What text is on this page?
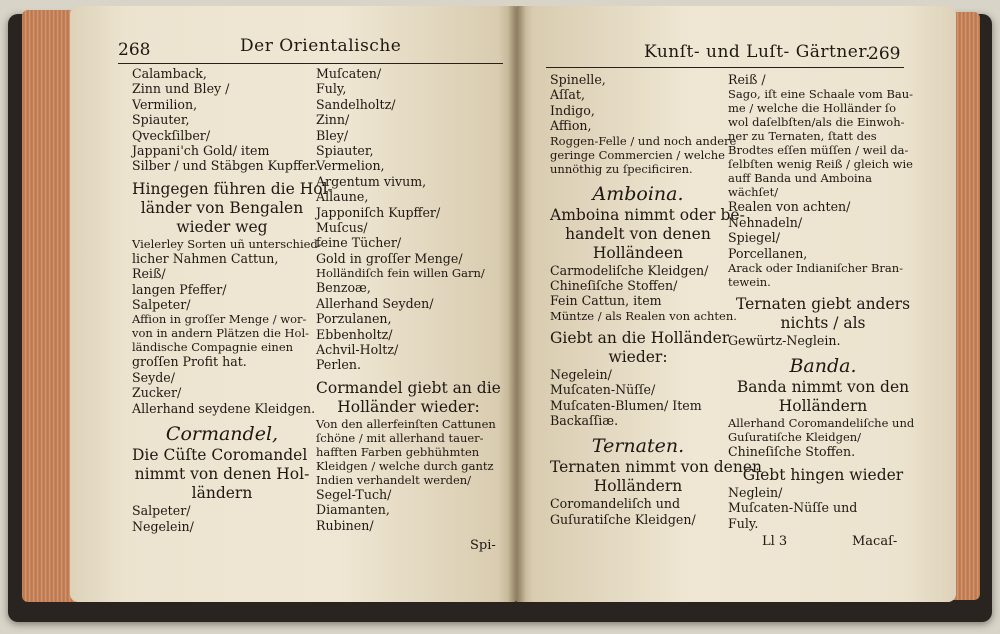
268	Der Orientalische
Calamback,
Zinn und Bley /
Vermilion,
Spiauter,
Qveckſilber/
Jappani'ch Gold/ item
Silber / und Stäbgen Kupffer.
Hingegen führen die Hol-
länder von Bengalen
wieder weg
Vielerley Sorten uñ unterschied-
licher Nahmen Cattun,
Reiß/
langen Pfeffer/
Salpeter/
Affion in groſſer Menge / wor-
von in andern Plätzen die Hol-
ländische Compagnie einen
groſſen Profit hat.
Seyde/
Zucker/
Allerhand seydene Kleidgen.
Cormandel,
Die Cüſte Coromandel
nimmt von denen Hol-
ländern
Salpeter/
Negelein/
Muſcaten/
Fuly,
Sandelholtz/
Zinn/
Bley/
Spiauter,
Vermelion,
Argentum vivum,
Allaune,
Japponiſch Kupffer/
Muſcus/
feine Tücher/
Gold in groſſer Menge/
Holländiſch fein willen Garn/
Benzoæ,
Allerhand Seyden/
Porzulanen,
Ebbenholtz/
Achvil-Holtz/
Perlen.
Cormandel giebt an die
Holländer wieder:
Von den allerfeinſten Cattunen
ſchöne / mit allerhand tauer-
hafften Farben gebhühmten
Kleidgen / welche durch gantz
Indien verhandelt werden/
Segel-Tuch/
Diamanten,
Rubinen/
Spi-
Kunſt- und Luſt- Gärtner.
269
Spinelle,
Aſſat,
Indigo,
Affion,
Roggen-Felle / und noch andere
geringe Commercien / welche
unnöthig zu ſpecificiren.
Amboina.
Amboina nimmt oder be-
handelt von denen
Holländeen
Carmodeliſche Kleidgen/
Chineſiſche Stoffen/
Fein Cattun, item
Müntze / als Realen von achten.
Giebt an die Holländer
wieder:
Negelein/
Muſcaten-Nüſſe/
Muſcaten-Blumen/ Item
Backaſſiæ.
Ternaten.
Ternaten nimmt von denen
Holländern
Coromandeliſch und
Guſuratiſche Kleidgen/
Reiß /
Sago, iſt eine Schaale vom Bau-
me / welche die Holländer ſo
wol daſelbſten/als die Einwoh-
ner zu Ternaten, ſtatt des
Brodtes eſſen müſſen / weil da-
ſelbſten wenig Reiß / gleich wie
auff Banda und Amboina
wächſet/
Realen von achten/
Nehnadeln/
Spiegel/
Porcellanen,
Arack oder Indianiſcher Bran-
tewein.
Ternaten giebt anders
nichts / als
Gewürtz-Neglein.
Banda.
Banda nimmt von den
Holländern
Allerhand Coromandeliſche und
Guſuratiſche Kleidgen/
Chineſiſche Stoffen.
Giebt hingen wieder
Neglein/
Muſcaten-Nüſſe und
Fuly.
Ll 3	Macaſ-
